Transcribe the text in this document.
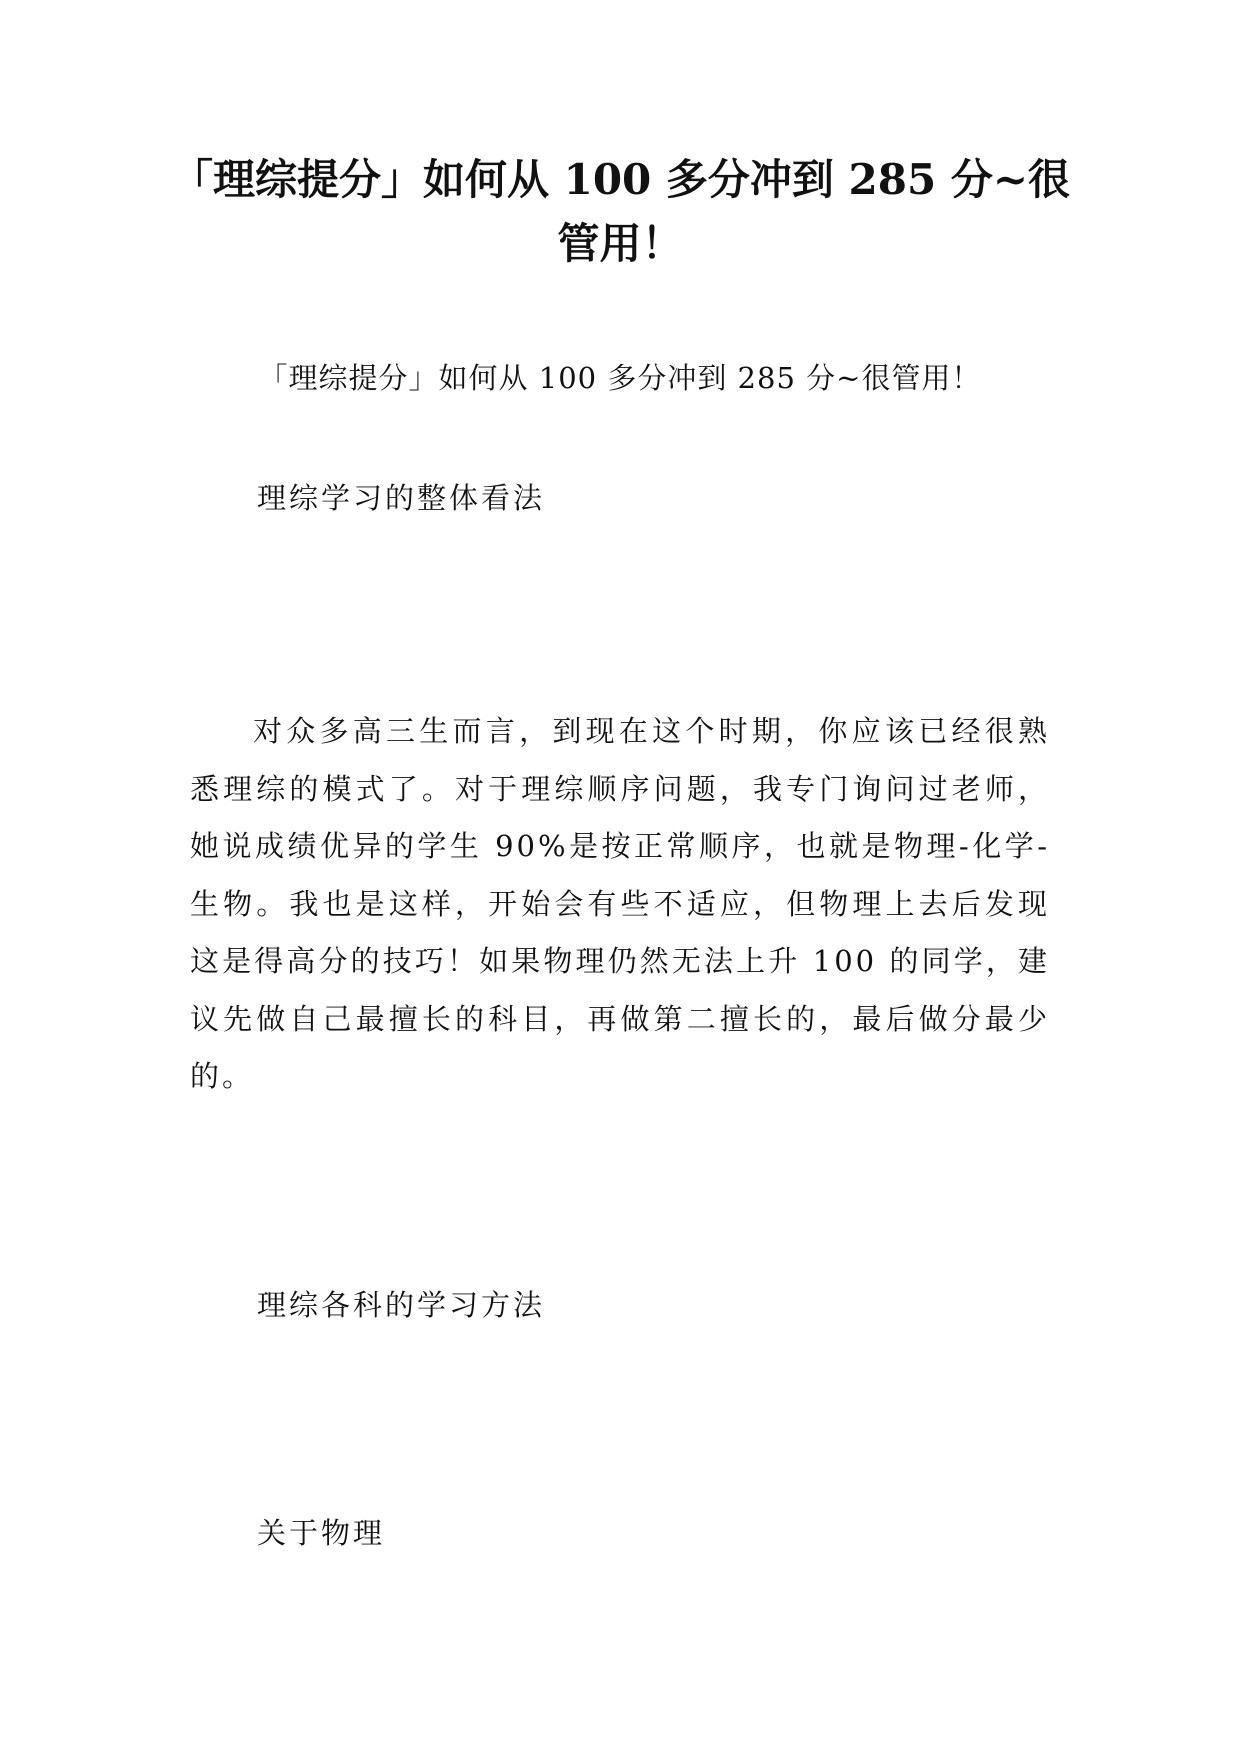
「理综提分」如何从 100 多分冲到 285 分~很管用！

「理综提分」如何从 100 多分冲到 285 分~很管用！

理综学习的整体看法

对众多高三生而言，到现在这个时期，你应该已经很熟悉理综的模式了。对于理综顺序问题，我专门询问过老师，她说成绩优异的学生 90%是按正常顺序，也就是物理-化学-生物。我也是这样，开始会有些不适应，但物理上去后发现这是得高分的技巧！如果物理仍然无法上升 100 的同学，建议先做自己最擅长的科目，再做第二擅长的，最后做分最少的。

理综各科的学习方法

关于物理
